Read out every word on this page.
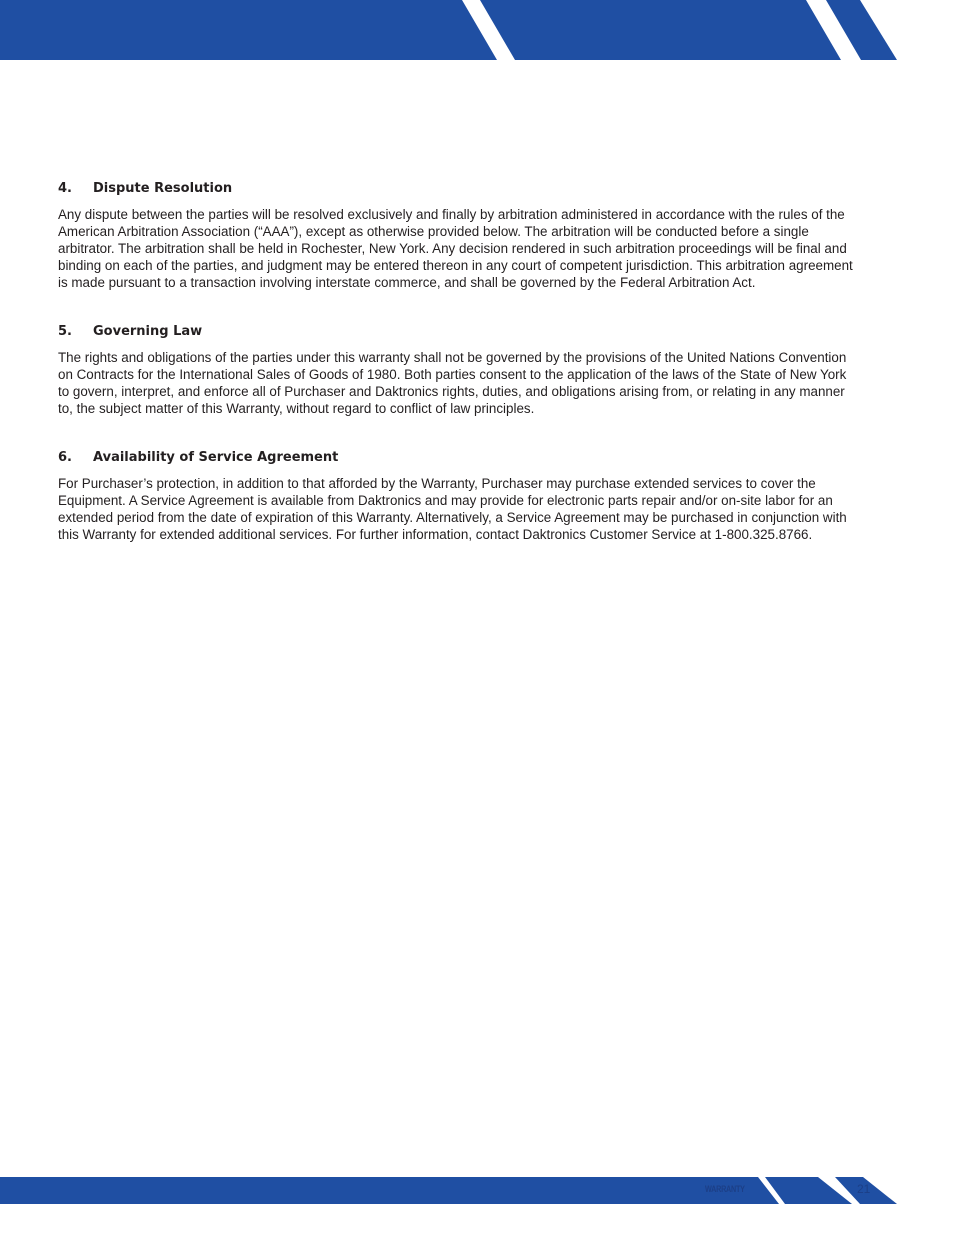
4.	Dispute Resolution

Any dispute between the parties will be resolved exclusively and finally by arbitration administered in accordance with the rules of the American Arbitration Association (“AAA”), except as otherwise provided below. The arbitration will be conducted before a single arbitrator. The arbitration shall be held in Rochester, New York. Any decision rendered in such arbitration proceedings will be final and binding on each of the parties, and judgment may be entered thereon in any court of competent jurisdiction. This arbitration agreement is made pursuant to a transaction involving interstate commerce, and shall be governed by the Federal Arbitration Act.

5.	Governing Law

The rights and obligations of the parties under this warranty shall not be governed by the provisions of the United Nations Convention on Contracts for the International Sales of Goods of 1980. Both parties consent to the application of the laws of the State of New York to govern, interpret, and enforce all of Purchaser and Daktronics rights, duties, and obligations arising from, or relating in any manner to, the subject matter of this Warranty, without regard to conflict of law principles.

6.	Availability of Service Agreement

For Purchaser’s protection, in addition to that afforded by the Warranty, Purchaser may purchase extended services to cover the Equipment. A Service Agreement is available from Daktronics and may provide for electronic parts repair and/or on-site labor for an extended period from the date of expiration of this Warranty. Alternatively, a Service Agreement may be purchased in conjunction with this Warranty for extended additional services. For further information, contact Daktronics Customer Service at 1-800.325.8766.

WARRANTY	21
